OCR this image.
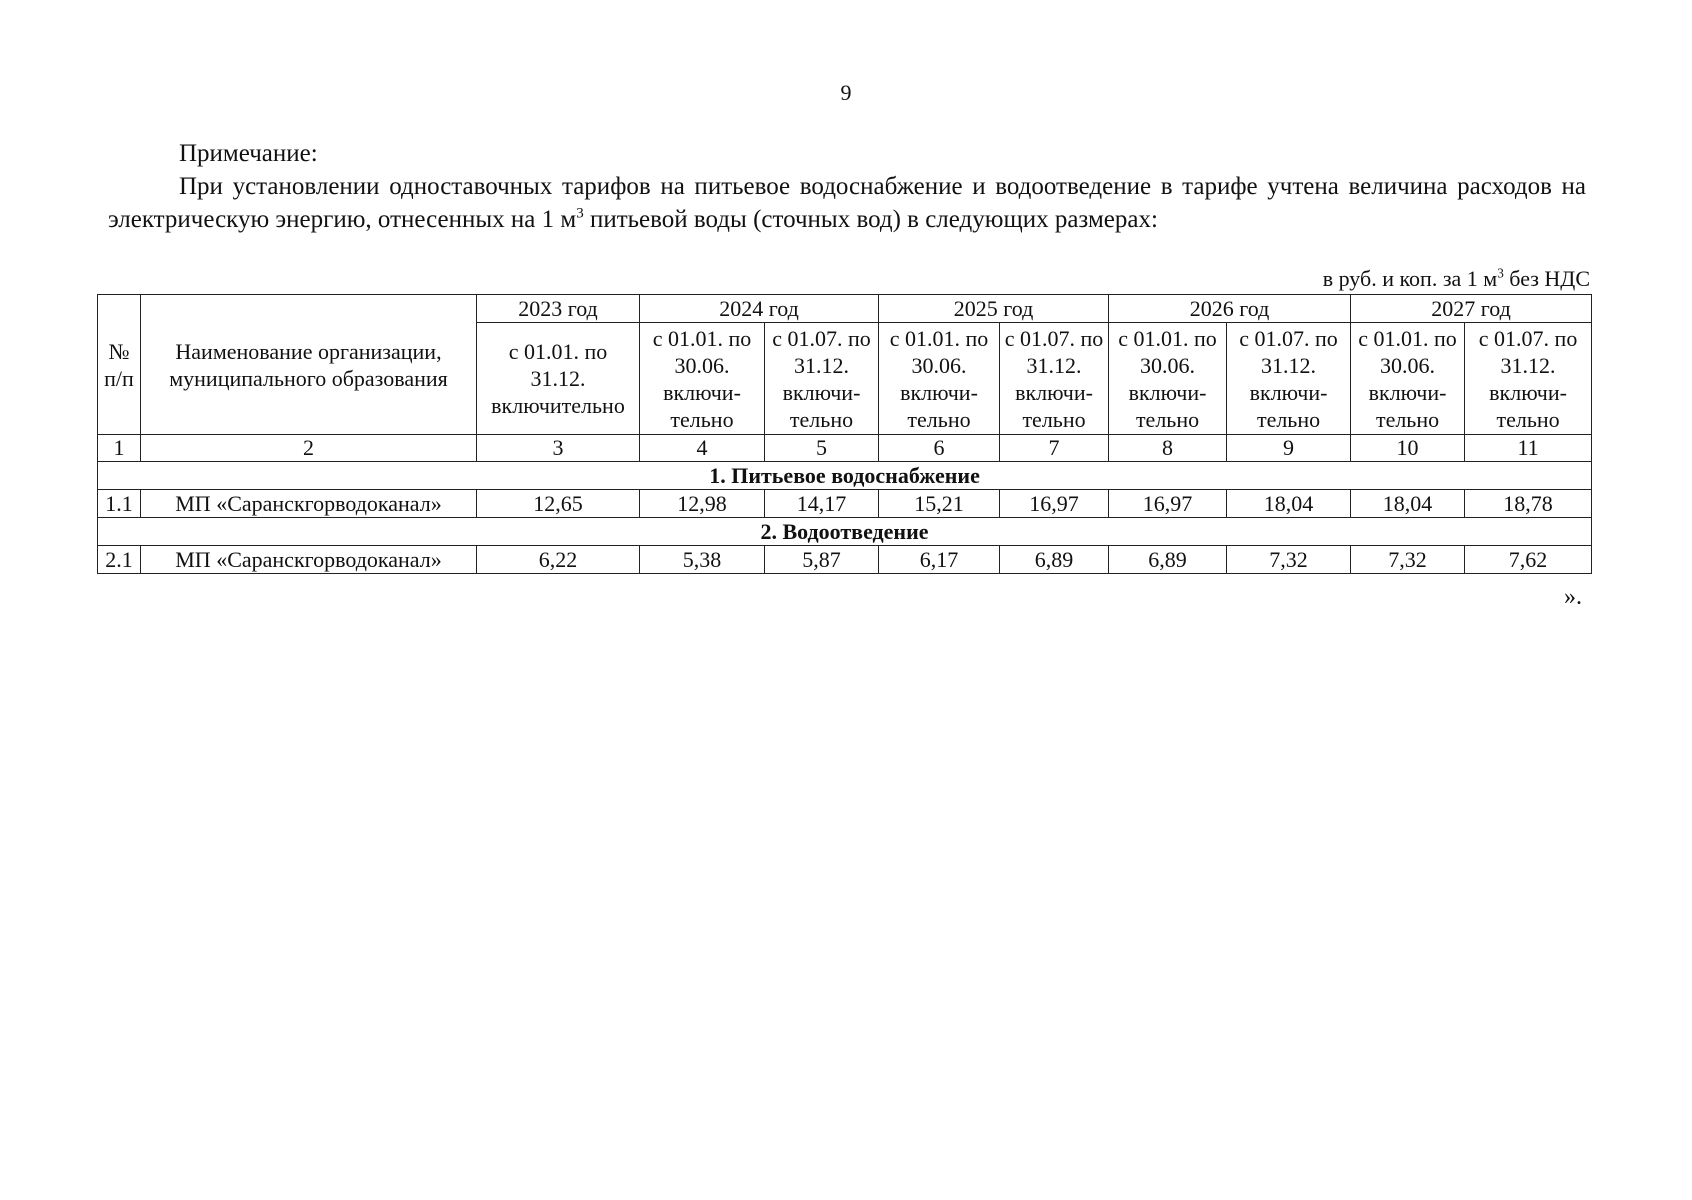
9
Примечание:
При установлении одноставочных тарифов на питьевое водоснабжение и водоотведение в тарифе учтена величина расходов на электрическую энергию, отнесенных на 1 $м^3$ питьевой воды (сточных вод) в следующих размерах:
в руб. и коп. за 1 $м^3$ без НДС
№ п/п	Наименование организации, муниципального образования	2023 год	2024 год		2025 год		2026 год		2027 год	
		с 01.01. по 31.12. включительно	с 01.01. по 30.06. включи-тельно	с 01.07. по 31.12. включи-тельно	с 01.01. по 30.06. включи-тельно	с 01.07. по 31.12. включи-тельно	с 01.01. по 30.06. включи-тельно	с 01.07. по 31.12. включи-тельно	с 01.01. по 30.06. включи-тельно	с 01.07. по 31.12. включи-тельно
1	2	3	4	5	6	7	8	9	10	11
1. Питьевое водоснабжение										
1.1	МП «Саранскгорводоканал»	12,65	12,98	14,17	15,21	16,97	16,97	18,04	18,04	18,78
2. Водоотведение										
2.1	МП «Саранскгорводоканал»	6,22	5,38	5,87	6,17	6,89	6,89	7,32	7,32	7,62
».
